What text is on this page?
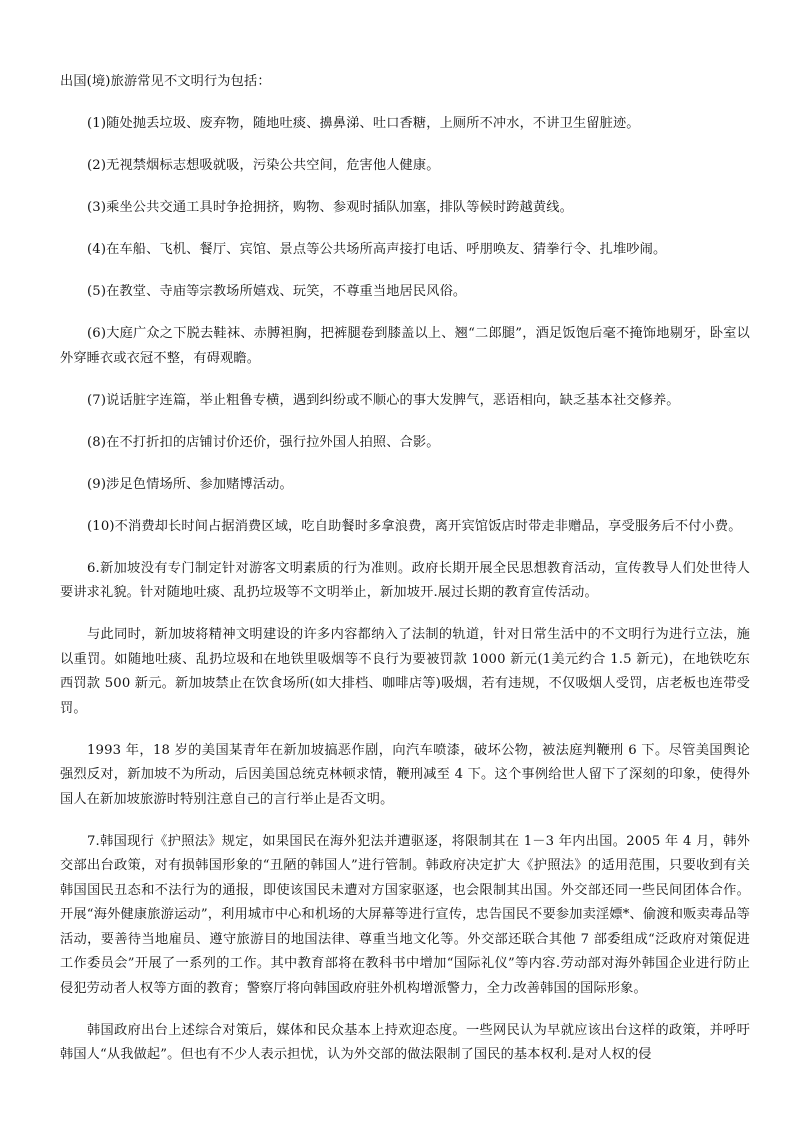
出国(境)旅游常见不文明行为包括：

(1)随处抛丢垃圾、废弃物，随地吐痰、擤鼻涕、吐口香糖，上厕所不冲水，不讲卫生留脏迹。

(2)无视禁烟标志想吸就吸，污染公共空间，危害他人健康。

(3)乘坐公共交通工具时争抢拥挤，购物、参观时插队加塞，排队等候时跨越黄线。

(4)在车船、飞机、餐厅、宾馆、景点等公共场所高声接打电话、呼朋唤友、猜拳行令、扎堆吵闹。

(5)在教堂、寺庙等宗教场所嬉戏、玩笑，不尊重当地居民风俗。

(6)大庭广众之下脱去鞋袜、赤膊袒胸，把裤腿卷到膝盖以上、翘“二郎腿”，酒足饭饱后毫不掩饰地剔牙，卧室以外穿睡衣或衣冠不整，有碍观瞻。

(7)说话脏字连篇，举止粗鲁专横，遇到纠纷或不顺心的事大发脾气，恶语相向，缺乏基本社交修养。

(8)在不打折扣的店铺讨价还价，强行拉外国人拍照、合影。

(9)涉足色情场所、参加赌博活动。

(10)不消费却长时间占据消费区域，吃自助餐时多拿浪费，离开宾馆饭店时带走非赠品，享受服务后不付小费。

6.新加坡没有专门制定针对游客文明素质的行为准则。政府长期开展全民思想教育活动，宣传教导人们处世待人要讲求礼貌。针对随地吐痰、乱扔垃圾等不文明举止，新加坡开.展过长期的教育宣传活动。

与此同时，新加坡将精神文明建设的许多内容都纳入了法制的轨道，针对日常生活中的不文明行为进行立法，施以重罚。如随地吐痰、乱扔垃圾和在地铁里吸烟等不良行为要被罚款 1000 新元(1美元约合 1.5 新元)，在地铁吃东西罚款 500 新元。新加坡禁止在饮食场所(如大排档、咖啡店等)吸烟，若有违规，不仅吸烟人受罚，店老板也连带受罚。

1993 年，18 岁的美国某青年在新加坡搞恶作剧，向汽车喷漆，破坏公物，被法庭判鞭刑 6 下。尽管美国舆论强烈反对，新加坡不为所动，后因美国总统克林顿求情，鞭刑减至 4 下。这个事例给世人留下了深刻的印象，使得外国人在新加坡旅游时特别注意自己的言行举止是否文明。

7.韩国现行《护照法》规定，如果国民在海外犯法并遭驱逐，将限制其在 1－3 年内出国。2005 年 4 月，韩外交部出台政策，对有损韩国形象的“丑陋的韩国人”进行管制。韩政府决定扩大《护照法》的适用范围，只要收到有关韩国国民丑态和不法行为的通报，即使该国民未遭对方国家驱逐，也会限制其出国。外交部还同一些民间团体合作。开展“海外健康旅游运动”，利用城市中心和机场的大屏幕等进行宣传，忠告国民不要参加卖淫嫖*、偷渡和贩卖毒品等活动，要善待当地雇员、遵守旅游目的地国法律、尊重当地文化等。外交部还联合其他 7 部委组成“泛政府对策促进工作委员会”开展了一系列的工作。其中教育部将在教科书中增加“国际礼仪”等内容.劳动部对海外韩国企业进行防止侵犯劳动者人权等方面的教育；警察厅将向韩国政府驻外机构增派警力，全力改善韩国的国际形象。

韩国政府出台上述综合对策后，媒体和民众基本上持欢迎态度。一些网民认为早就应该出台这样的政策，并呼吁韩国人“从我做起”。但也有不少人表示担忧，认为外交部的做法限制了国民的基本权利.是对人权的侵
